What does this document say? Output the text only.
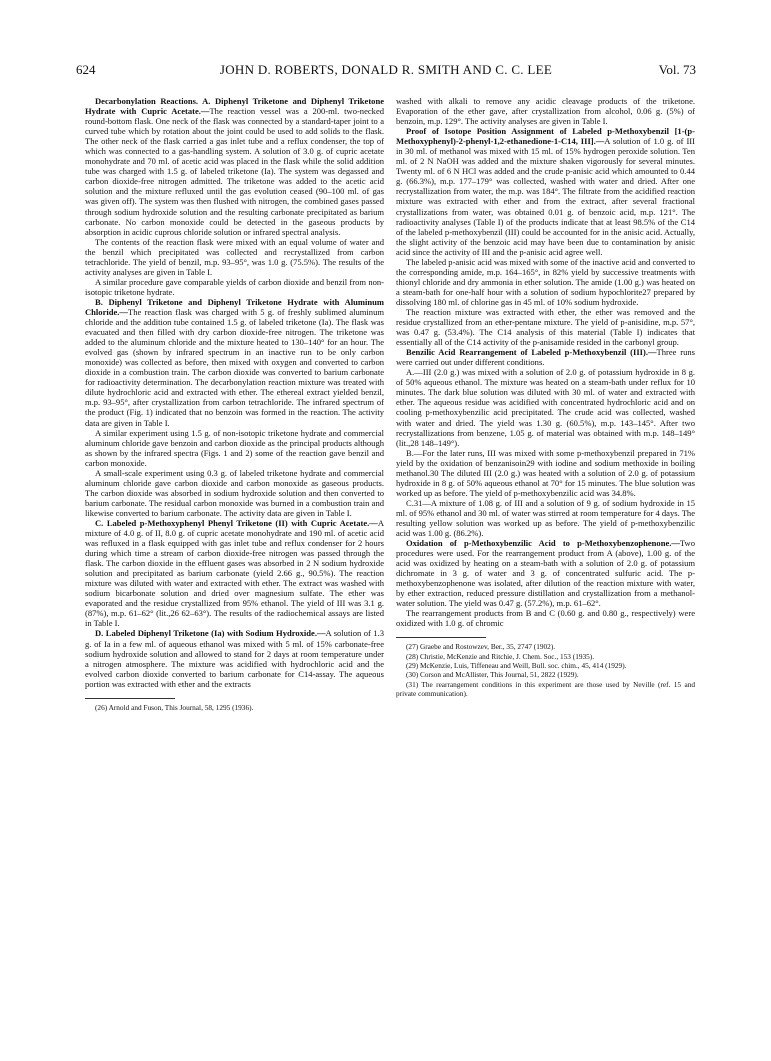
624	JOHN D. ROBERTS, DONALD R. SMITH AND C. C. LEE	Vol. 73

Decarbonylation Reactions. A. Diphenyl Triketone and Diphenyl Triketone Hydrate with Cupric Acetate.—The reaction vessel was a 200-ml. two-necked round-bottom flask. One neck of the flask was connected by a standard-taper joint to a curved tube which by rotation about the joint could be used to add solids to the flask. The other neck of the flask carried a gas inlet tube and a reflux condenser, the top of which was connected to a gas-handling system. A solution of 3.0 g. of cupric acetate monohydrate and 70 ml. of acetic acid was placed in the flask while the solid addition tube was charged with 1.5 g. of labeled triketone (Ia). The system was degassed and carbon dioxide-free nitrogen admitted. The triketone was added to the acetic acid solution and the mixture refluxed until the gas evolution ceased (90–100 ml. of gas was given off). The system was then flushed with nitrogen, the combined gases passed through sodium hydroxide solution and the resulting carbonate precipitated as barium carbonate. No carbon monoxide could be detected in the gaseous products by absorption in acidic cuprous chloride solution or infrared spectral analysis.

The contents of the reaction flask were mixed with an equal volume of water and the benzil which precipitated was collected and recrystallized from carbon tetrachloride. The yield of benzil, m.p. 93–95°, was 1.0 g. (75.5%). The results of the activity analyses are given in Table I.

A similar procedure gave comparable yields of carbon dioxide and benzil from non-isotopic triketone hydrate.

B. Diphenyl Triketone and Diphenyl Triketone Hydrate with Aluminum Chloride.—The reaction flask was charged with 5 g. of freshly sublimed aluminum chloride and the addition tube contained 1.5 g. of labeled triketone (Ia). The flask was evacuated and then filled with dry carbon dioxide-free nitrogen. The triketone was added to the aluminum chloride and the mixture heated to 130–140° for an hour. The evolved gas (shown by infrared spectrum in an inactive run to be only carbon monoxide) was collected as before, then mixed with oxygen and converted to carbon dioxide in a combustion train. The carbon dioxide was converted to barium carbonate for radioactivity determination. The decarbonylation reaction mixture was treated with dilute hydrochloric acid and extracted with ether. The ethereal extract yielded benzil, m.p. 93–95°, after crystallization from carbon tetrachloride. The infrared spectrum of the product (Fig. 1) indicated that no benzoin was formed in the reaction. The activity data are given in Table I.

A similar experiment using 1.5 g. of non-isotopic triketone hydrate and commercial aluminum chloride gave benzoin and carbon dioxide as the principal products although as shown by the infrared spectra (Figs. 1 and 2) some of the reaction gave benzil and carbon monoxide.

A small-scale experiment using 0.3 g. of labeled triketone hydrate and commercial aluminum chloride gave carbon dioxide and carbon monoxide as gaseous products. The carbon dioxide was absorbed in sodium hydroxide solution and then converted to barium carbonate. The residual carbon monoxide was burned in a combustion train and likewise converted to barium carbonate. The activity data are given in Table I.

C. Labeled p-Methoxyphenyl Phenyl Triketone (II) with Cupric Acetate.—A mixture of 4.0 g. of II, 8.0 g. of cupric acetate monohydrate and 190 ml. of acetic acid was refluxed in a flask equipped with gas inlet tube and reflux condenser for 2 hours during which time a stream of carbon dioxide-free nitrogen was passed through the flask. The carbon dioxide in the effluent gases was absorbed in 2 N sodium hydroxide solution and precipitated as barium carbonate (yield 2.66 g., 90.5%). The reaction mixture was diluted with water and extracted with ether. The extract was washed with sodium bicarbonate solution and dried over magnesium sulfate. The ether was evaporated and the residue crystallized from 95% ethanol. The yield of III was 3.1 g. (87%), m.p. 61–62° (lit.,26 62–63°). The results of the radiochemical assays are listed in Table I.

D. Labeled Diphenyl Triketone (Ia) with Sodium Hydroxide.—A solution of 1.3 g. of Ia in a few ml. of aqueous ethanol was mixed with 5 ml. of 15% carbonate-free sodium hydroxide solution and allowed to stand for 2 days at room temperature under a nitrogen atmosphere. The mixture was acidified with hydrochloric acid and the evolved carbon dioxide converted to barium carbonate for C14-assay. The aqueous portion was extracted with ether and the extracts

(26) Arnold and Fuson, This Journal, 58, 1295 (1936).

washed with alkali to remove any acidic cleavage products of the triketone. Evaporation of the ether gave, after crystallization from alcohol, 0.06 g. (5%) of benzoin, m.p. 129°. The activity analyses are given in Table I.

Proof of Isotope Position Assignment of Labeled p-Methoxybenzil [1-(p-Methoxyphenyl)-2-phenyl-1,2-ethanedione-1-C14, III].—A solution of 1.0 g. of III in 30 ml. of methanol was mixed with 15 ml. of 15% hydrogen peroxide solution. Ten ml. of 2 N NaOH was added and the mixture shaken vigorously for several minutes. Twenty ml. of 6 N HCl was added and the crude p-anisic acid which amounted to 0.44 g. (66.3%), m.p. 177–179° was collected, washed with water and dried. After one recrystallization from water, the m.p. was 184°. The filtrate from the acidified reaction mixture was extracted with ether and from the extract, after several fractional crystallizations from water, was obtained 0.01 g. of benzoic acid, m.p. 121°. The radioactivity analyses (Table I) of the products indicate that at least 98.5% of the C14 of the labeled p-methoxybenzil (III) could be accounted for in the anisic acid. Actually, the slight activity of the benzoic acid may have been due to contamination by anisic acid since the activity of III and the p-anisic acid agree well.

The labeled p-anisic acid was mixed with some of the inactive acid and converted to the corresponding amide, m.p. 164–165°, in 82% yield by successive treatments with thionyl chloride and dry ammonia in ether solution. The amide (1.00 g.) was heated on a steam-bath for one-half hour with a solution of sodium hypochlorite27 prepared by dissolving 180 ml. of chlorine gas in 45 ml. of 10% sodium hydroxide.

The reaction mixture was extracted with ether, the ether was removed and the residue crystallized from an ether-pentane mixture. The yield of p-anisidine, m.p. 57°, was 0.47 g. (53.4%). The C14 analysis of this material (Table I) indicates that essentially all of the C14 activity of the p-anisamide resided in the carbonyl group.

Benzilic Acid Rearrangement of Labeled p-Methoxybenzil (III).—Three runs were carried out under different conditions.

A.—III (2.0 g.) was mixed with a solution of 2.0 g. of potassium hydroxide in 8 g. of 50% aqueous ethanol. The mixture was heated on a steam-bath under reflux for 10 minutes. The dark blue solution was diluted with 30 ml. of water and extracted with ether. The aqueous residue was acidified with concentrated hydrochloric acid and on cooling p-methoxybenzilic acid precipitated. The crude acid was collected, washed with water and dried. The yield was 1.30 g. (60.5%), m.p. 143–145°. After two recrystallizations from benzene, 1.05 g. of material was obtained with m.p. 148–149° (lit.,28 148–149°).

B.—For the later runs, III was mixed with some p-methoxybenzil prepared in 71% yield by the oxidation of benzanisoin29 with iodine and sodium methoxide in boiling methanol.30 The diluted III (2.0 g.) was heated with a solution of 2.0 g. of potassium hydroxide in 8 g. of 50% aqueous ethanol at 70° for 15 minutes. The blue solution was worked up as before. The yield of p-methoxybenzilic acid was 34.8%.

C.31—A mixture of 1.08 g. of III and a solution of 9 g. of sodium hydroxide in 15 ml. of 95% ethanol and 30 ml. of water was stirred at room temperature for 4 days. The resulting yellow solution was worked up as before. The yield of p-methoxybenzilic acid was 1.00 g. (86.2%).

Oxidation of p-Methoxybenzilic Acid to p-Methoxybenzophenone.—Two procedures were used. For the rearrangement product from A (above), 1.00 g. of the acid was oxidized by heating on a steam-bath with a solution of 2.0 g. of potassium dichromate in 3 g. of water and 3 g. of concentrated sulfuric acid. The p-methoxybenzophenone was isolated, after dilution of the reaction mixture with water, by ether extraction, reduced pressure distillation and crystallization from a methanol-water solution. The yield was 0.47 g. (57.2%), m.p. 61–62°.

The rearrangement products from B and C (0.60 g. and 0.80 g., respectively) were oxidized with 1.0 g. of chromic

(27) Graebe and Rostowzev, Ber., 35, 2747 (1902).
(28) Christie, McKenzie and Ritchie, J. Chem. Soc., 153 (1935).
(29) McKenzie, Luis, Tiffeneau and Weill, Bull. soc. chim., 45, 414 (1929).
(30) Corson and McAllister, This Journal, 51, 2822 (1929).
(31) The rearrangement conditions in this experiment are those used by Neville (ref. 15 and private communication).
